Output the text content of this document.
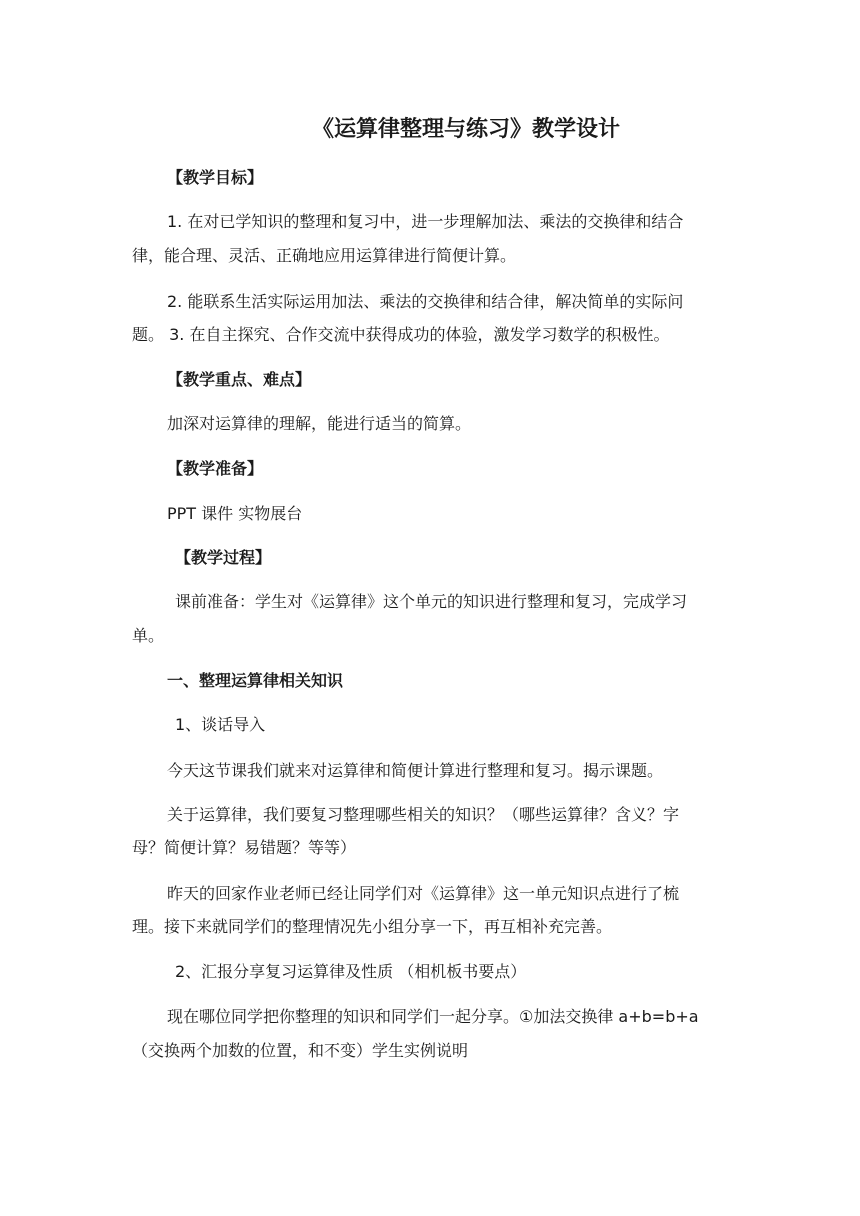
《运算律整理与练习》教学设计
【教学目标】
1. 在对已学知识的整理和复习中，进一步理解加法、乘法的交换律和结合
律，能合理、灵活、正确地应用运算律进行简便计算。
2. 能联系生活实际运用加法、乘法的交换律和结合律，解决简单的实际问
题。 3. 在自主探究、合作交流中获得成功的体验，激发学习数学的积极性。
【教学重点、难点】
加深对运算律的理解，能进行适当的简算。
【教学准备】
PPT 课件 实物展台
【教学过程】
课前准备：学生对《运算律》这个单元的知识进行整理和复习，完成学习
单。
一、整理运算律相关知识
1、谈话导入
今天这节课我们就来对运算律和简便计算进行整理和复习。揭示课题。
关于运算律，我们要复习整理哪些相关的知识？（哪些运算律？含义？字
母？简便计算？易错题？等等）
昨天的回家作业老师已经让同学们对《运算律》这一单元知识点进行了梳
理。接下来就同学们的整理情况先小组分享一下，再互相补充完善。
2、汇报分享复习运算律及性质 （相机板书要点）
现在哪位同学把你整理的知识和同学们一起分享。①加法交换律 a+b=b+a
（交换两个加数的位置，和不变）学生实例说明
